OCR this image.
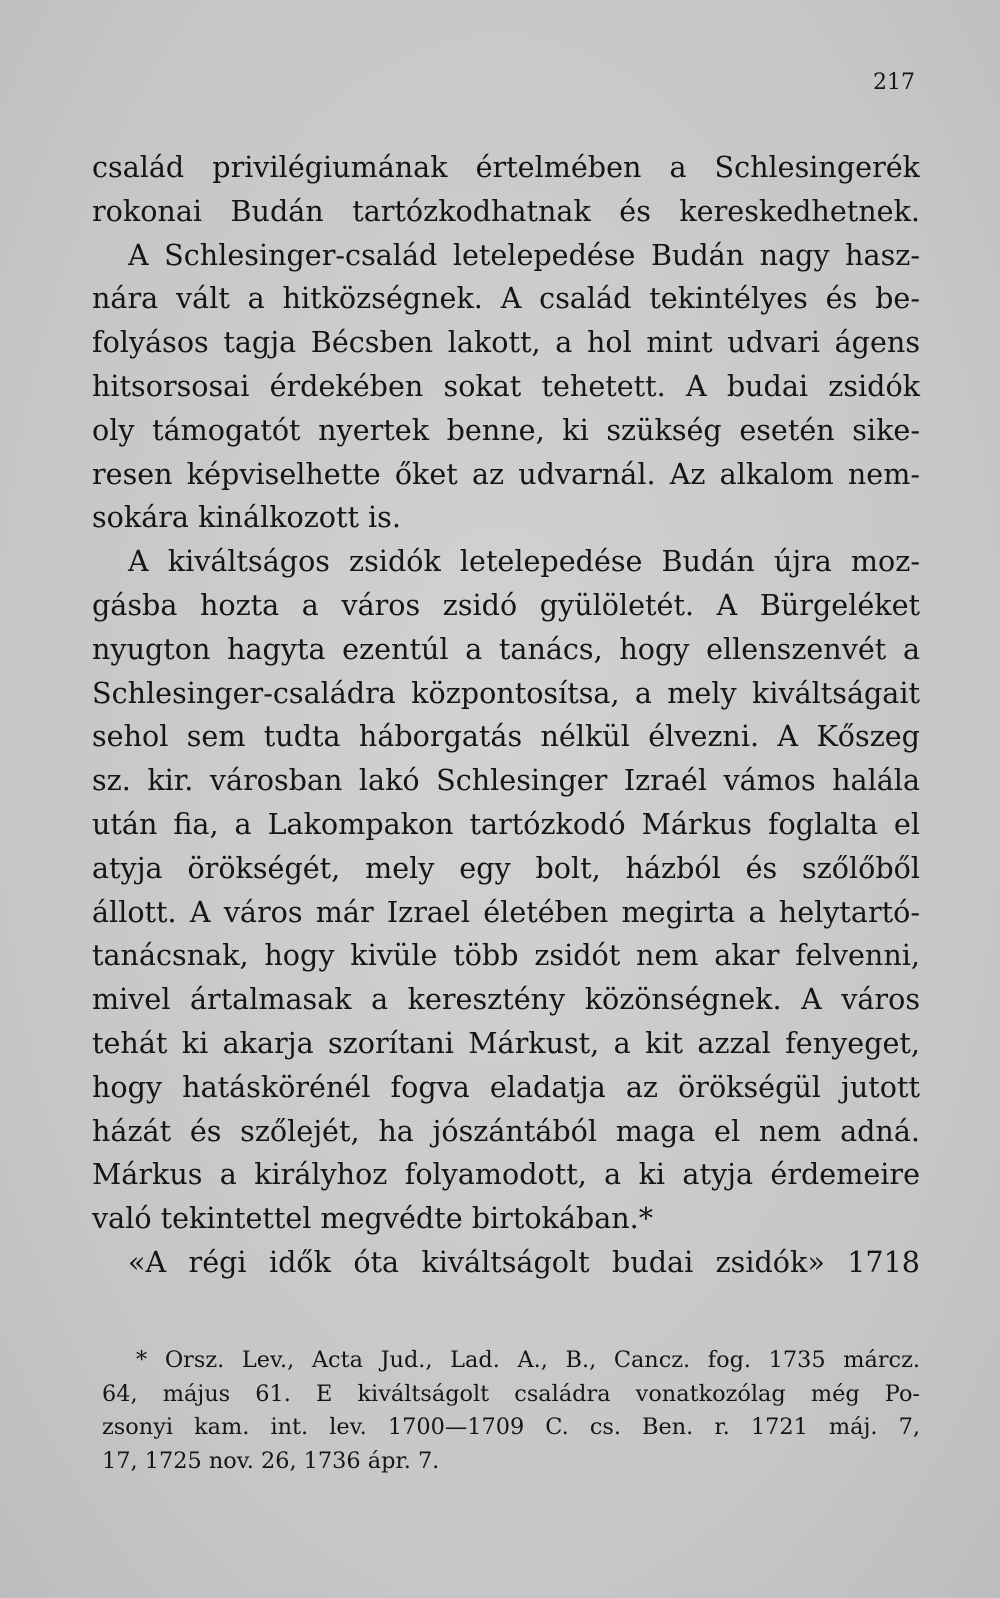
217
család privilégiumának értelmében a Schlesingerék
rokonai Budán tartózkodhatnak és kereskedhetnek.
A Schlesinger-család letelepedése Budán nagy hasz-
nára vált a hitközségnek. A család tekintélyes és be-
folyásos tagja Bécsben lakott, a hol mint udvari ágens
hitsorsosai érdekében sokat tehetett. A budai zsidók
oly támogatót nyertek benne, ki szükség esetén sike-
resen képviselhette őket az udvarnál. Az alkalom nem-
sokára kinálkozott is.
A kiváltságos zsidók letelepedése Budán újra moz-
gásba hozta a város zsidó gyülöletét. A Bürgeléket
nyugton hagyta ezentúl a tanács, hogy ellenszenvét a
Schlesinger-családra központosítsa, a mely kiváltságait
sehol sem tudta háborgatás nélkül élvezni. A Kőszeg
sz. kir. városban lakó Schlesinger Izraél vámos halála
után fia, a Lakompakon tartózkodó Márkus foglalta el
atyja örökségét, mely egy bolt, házból és szőlőből
állott. A város már Izrael életében megirta a helytartó-
tanácsnak, hogy kivüle több zsidót nem akar felvenni,
mivel ártalmasak a keresztény közönségnek. A város
tehát ki akarja szorítani Márkust, a kit azzal fenyeget,
hogy hatáskörénél fogva eladatja az örökségül jutott
házát és szőlejét, ha jószántából maga el nem adná.
Márkus a királyhoz folyamodott, a ki atyja érdemeire
való tekintettel megvédte birtokában.*
«A régi idők óta kiváltságolt budai zsidók» 1718
* Orsz. Lev., Acta Jud., Lad. A., B., Cancz. fog. 1735 márcz.
64, május 61. E kiváltságolt családra vonatkozólag még Po-
zsonyi kam. int. lev. 1700—1709 C. cs. Ben. r. 1721 máj. 7,
17, 1725 nov. 26, 1736 ápr. 7.
